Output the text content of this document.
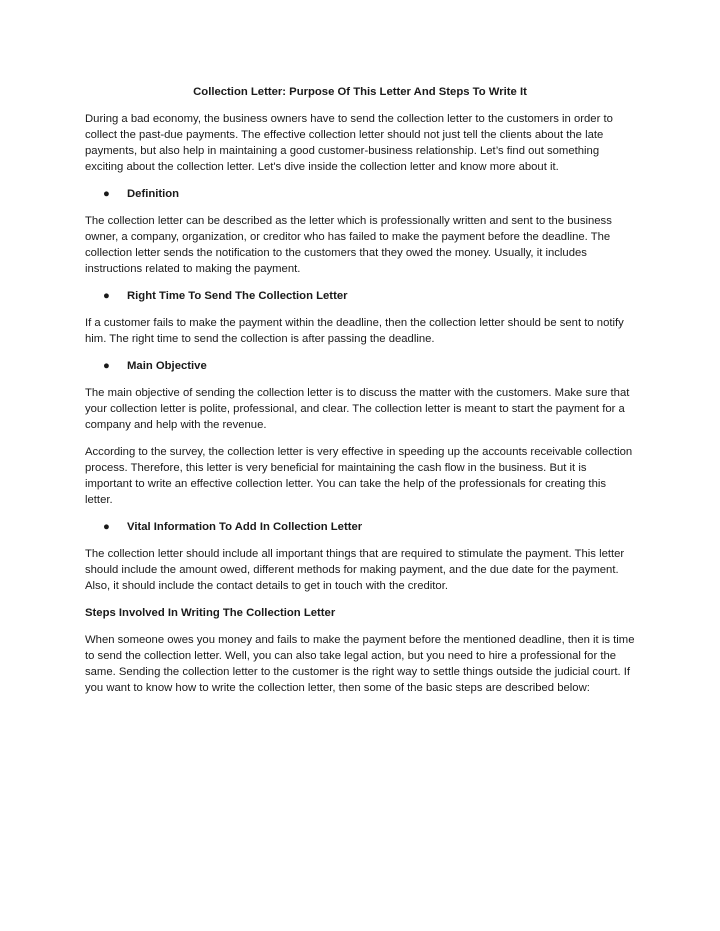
Collection Letter: Purpose Of This Letter And Steps To Write It

During a bad economy, the business owners have to send the collection letter to the customers in order to collect the past-due payments. The effective collection letter should not just tell the clients about the late payments, but also help in maintaining a good customer-business relationship. Let’s find out something exciting about the collection letter. Let's dive inside the collection letter and know more about it.

● Definition

The collection letter can be described as the letter which is professionally written and sent to the business owner, a company, organization, or creditor who has failed to make the payment before the deadline. The collection letter sends the notification to the customers that they owed the money. Usually, it includes instructions related to making the payment.

● Right Time To Send The Collection Letter

If a customer fails to make the payment within the deadline, then the collection letter should be sent to notify him. The right time to send the collection is after passing the deadline.

● Main Objective

The main objective of sending the collection letter is to discuss the matter with the customers. Make sure that your collection letter is polite, professional, and clear. The collection letter is meant to start the payment for a company and help with the revenue.

According to the survey, the collection letter is very effective in speeding up the accounts receivable collection process. Therefore, this letter is very beneficial for maintaining the cash flow in the business. But it is important to write an effective collection letter. You can take the help of the professionals for creating this letter.

● Vital Information To Add In Collection Letter

The collection letter should include all important things that are required to stimulate the payment. This letter should include the amount owed, different methods for making payment, and the due date for the payment. Also, it should include the contact details to get in touch with the creditor.

Steps Involved In Writing The Collection Letter

When someone owes you money and fails to make the payment before the mentioned deadline, then it is time to send the collection letter. Well, you can also take legal action, but you need to hire a professional for the same. Sending the collection letter to the customer is the right way to settle things outside the judicial court. If you want to know how to write the collection letter, then some of the basic steps are described below:
